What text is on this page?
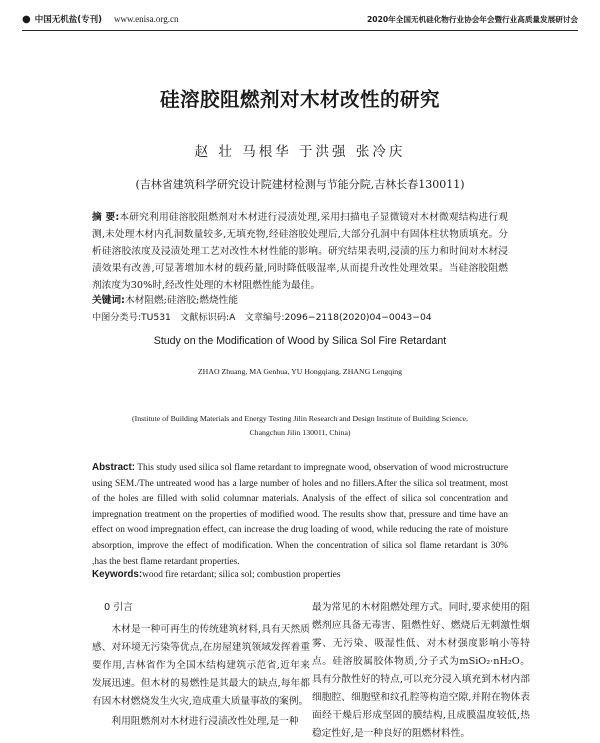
● 中国无机盐(专刊) www.enisa.org.cn	2020年全国无机硅化物行业协会年会暨行业高质量发展研讨会
硅溶胶阻燃剂对木材改性的研究
赵 壮 马根华 于洪强 张冷庆
(吉林省建筑科学研究设计院建材检测与节能分院,吉林长春130011)
摘 要:本研究利用硅溶胶阻燃剂对木材进行浸渍处理,采用扫描电子显微镜对木材微观结构进行观测,未处理木材内孔洞数量较多,无填充物,经硅溶胶处理后,大部分孔洞中有固体柱状物质填充。分析硅溶胶浓度及浸渍处理工艺对改性木材性能的影响。研究结果表明,浸渍的压力和时间对木材浸渍效果有改善,可显著增加木材的载药量,同时降低吸湿率,从而提升改性处理效果。当硅溶胶阻燃剂浓度为30%时,经改性处理的木材阻燃性能为最佳。
关键词:木材阻燃;硅溶胶;燃烧性能
中图分类号:TU531 文献标识码:A 文章编号:2096−2118(2020)04−0043−04
Study on the Modification of Wood by Silica Sol Fire Retardant
ZHAO Zhuang, MA Genhua, YU Hongqiang, ZHANG Lengqing
(Institute of Building Materials and Energy Testing Jilin Research and Design Institute of Building Science, Changchun Jilin 130011, China)
Abstract: This study used silica sol flame retardant to impregnate wood, observation of wood microstructure using SEM./The untreated wood has a large number of holes and no fillers.After the silica sol treatment, most of the holes are filled with solid columnar materials. Analysis of the effect of silica sol concentration and impregnation treatment on the properties of modified wood. The results show that, pressure and time have an effect on wood impregnation effect, can increase the drug loading of wood, while reducing the rate of moisture absorption, improve the effect of modification. When the concentration of silica sol flame retardant is 30% ,has the best flame retardant properties.
Keywords:wood fire retardant; silica sol; combustion properties
0 引言

木材是一种可再生的传统建筑材料,具有天然质感、对环境无污染等优点,在房屋建筑领域发挥着重要作用,吉林省作为全国木结构建筑示范省,近年来发展迅速。但木材的易燃性是其最大的缺点,每年都有因木材燃烧发生火灾,造成重大质量事故的案例。

利用阻燃剂对木材进行浸渍改性处理,是一种

最为常见的木材阻燃处理方式。同时,要求使用的阻燃剂应具备无毒害、阻燃性好、燃烧后无刺激性烟雾、无污染、吸湿性低、对木材强度影响小等特点。硅溶胶属胶体物质,分子式为mSiO₂·nH₂O。具有分散性好的特点,可以充分浸入填充到木材内部细胞腔、细胞壁和纹孔腔等构造空隙,并附在物体表面经干燥后形成坚固的膜结构,且成膜温度较低,热稳定性好,是一种良好的阻燃材料性。
